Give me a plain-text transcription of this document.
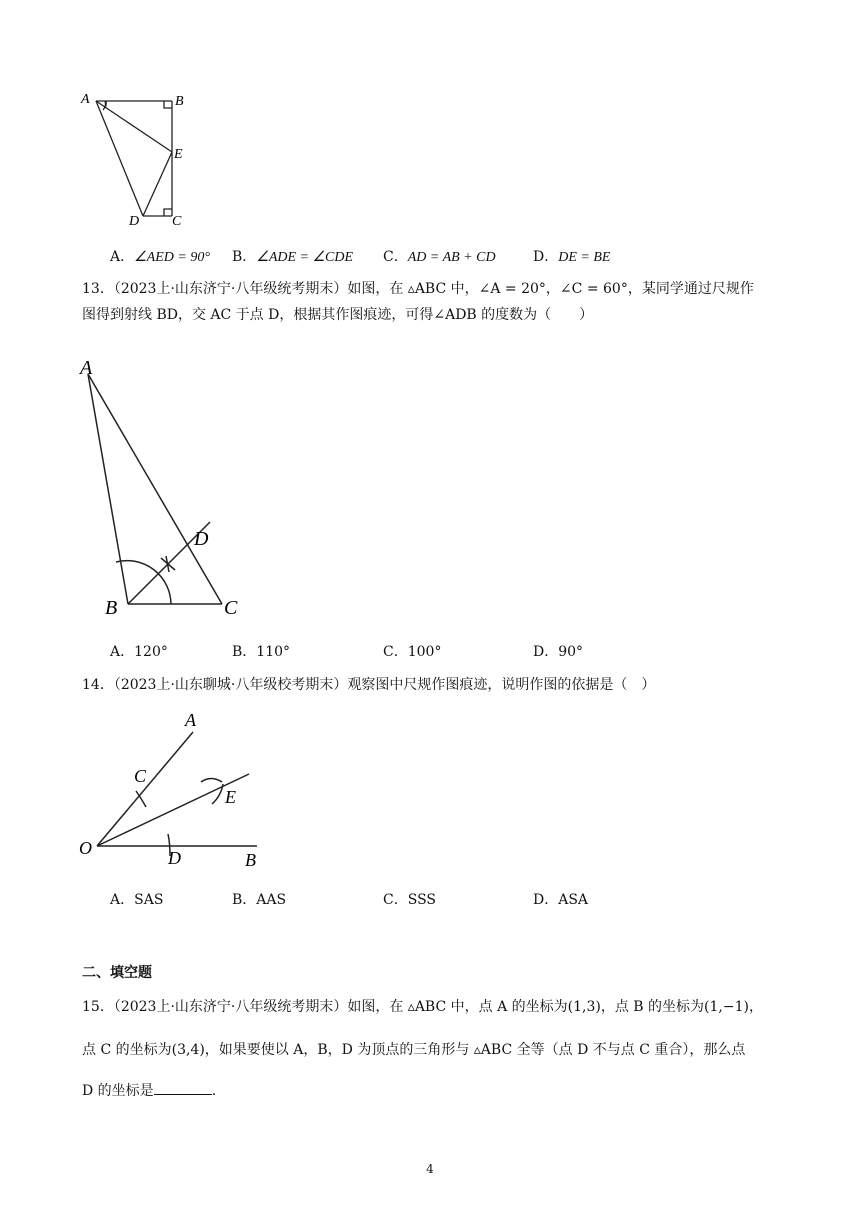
A	B
E
D C
A．∠AED = 90° B．∠ADE = ∠CDE C．AD = AB + CD	D．DE = BE
13．（2023上·山东济宁·八年级统考期末）如图，在 ▵ABC 中，∠A = 20°，∠C = 60°，某同学通过尺规作
图得到射线 BD，交 AC 于点 D，根据其作图痕迹，可得∠ADB 的度数为（　　）
A
D
B	C
A．120°	B．110°	C．100°	D．90°
14．（2023上·山东聊城·八年级校考期末）观察图中尺规作图痕迹，说明作图的依据是（　）
A
C
E
O	D	B
A．SAS	B．AAS	C．SSS	D．ASA
二、填空题
15．（2023上·山东济宁·八年级统考期末）如图，在 ▵ABC 中，点 A 的坐标为(1,3)，点 B 的坐标为(1,−1)，
点 C 的坐标为(3,4)，如果要使以 A，B，D 为顶点的三角形与 ▵ABC 全等（点 D 不与点 C 重合），那么点
D 的坐标是	.
4
